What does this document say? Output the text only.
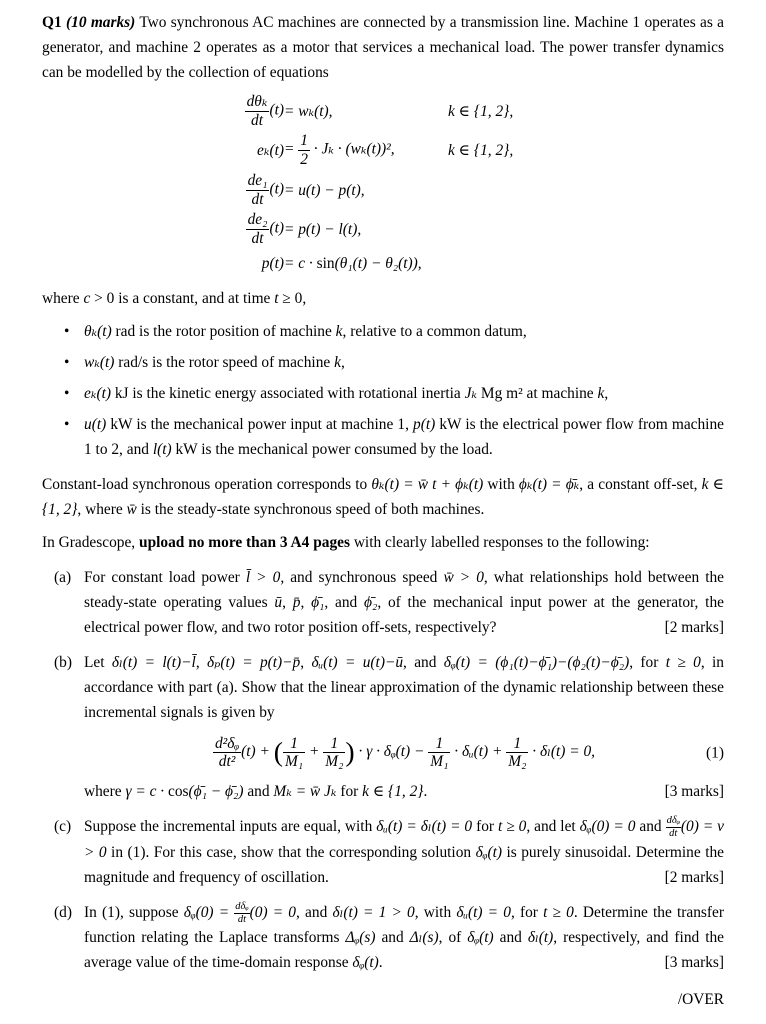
Q1 (10 marks) Two synchronous AC machines are connected by a transmission line. Machine 1 operates as a generator, and machine 2 operates as a motor that services a mechanical load. The power transfer dynamics can be modelled by the collection of equations

$\frac{\text{dθₖ}}{dt} (t) = w_k(t)$,	k ∈ {1, 2},
$e_k(t) = \frac{1}{2} \cdot J_k \cdot (w_k(t))^2$,	k ∈ {1, 2},
$\frac{\text{de₁}}{dt} (t) = u(t) - p(t)$,
$\frac{\text{de₂}}{dt} (t) = p(t) - l(t)$,
p(t) = c · sin(θ₁(t) − θ₂(t)),

where c > 0 is a constant, and at time t ≥ 0,

• θₖ(t) rad is the rotor position of machine k, relative to a common datum,
• wₖ(t) rad/s is the rotor speed of machine k,
• eₖ(t) kJ is the kinetic energy associated with rotational inertia Jₖ Mg m² at machine k,
• u(t) kW is the mechanical power input at machine 1, p(t) kW is the electrical power flow from machine 1 to 2, and l(t) kW is the mechanical power consumed by the load.

Constant-load synchronous operation corresponds to θₖ(t) = w̄ t + ϕₖ(t) with ϕₖ(t) = ϕ̄ₖ, a constant off-set, k ∈ {1, 2}, where w̄ is the steady-state synchronous speed of both machines.

In Gradescope, upload no more than 3 A4 pages with clearly labelled responses to the following:

(a) For constant load power l̄ > 0, and synchronous speed w̄ > 0, what relationships hold between the steady-state operating values ū, p̄, ϕ̄₁, and ϕ̄₂, of the mechanical input power at the generator, the electrical power flow, and two rotor position off-sets, respectively?	[2 marks]
(b) Let δₗ(t) = l(t)−l̄, δₚ(t) = p(t)−p̄, δᵤ(t) = u(t)−ū, and δᵩ(t) = (ϕ₁(t)−ϕ̄₁)−(ϕ₂(t)−ϕ̄₂), for t ≥ 0, in accordance with part (a). Show that the linear approximation of the dynamic relationship between these incremental signals is given by
$\frac{\text{d²δᵩ}}{\text{dt²}} (t)$ + ( $\frac{1}{\text{M₁}} + \frac{1}{\text{M₂}}$ ) · γ · δᵩ(t) − $\frac{1}{\text{M₁}}$ · δᵤ(t) + $\frac{1}{\text{M₂}} \cdot \delta_l(t) = 0$,	(1)
where γ = c · cos(ϕ̄₁ − ϕ̄₂) and Mₖ = w̄ Jₖ for k ∈ {1, 2}.	[3 marks]
(c) Suppose the incremental inputs are equal, with δᵤ(t) = δₗ(t) = 0 for t ≥ 0, and let δᵩ(0) = 0 and $\frac{\text{dδᵩ}}{dt} (0) = v > 0$ in (1). For this case, show that the corresponding solution δᵩ(t) is purely sinusoidal. Determine the magnitude and frequency of oscillation.	[2 marks]
(d) In (1), suppose δᵩ(0) = $\frac{\text{dδᵩ}}{dt} (0) = 0$, and δₗ(t) = 1 > 0, with δᵤ(t) = 0, for t ≥ 0. Determine the transfer function relating the Laplace transforms Δᵩ(s) and Δₗ(s), of δᵩ(t) and δₗ(t), respectively, and find the average value of the time-domain response δᵩ(t).	[3 marks]
/OVER
